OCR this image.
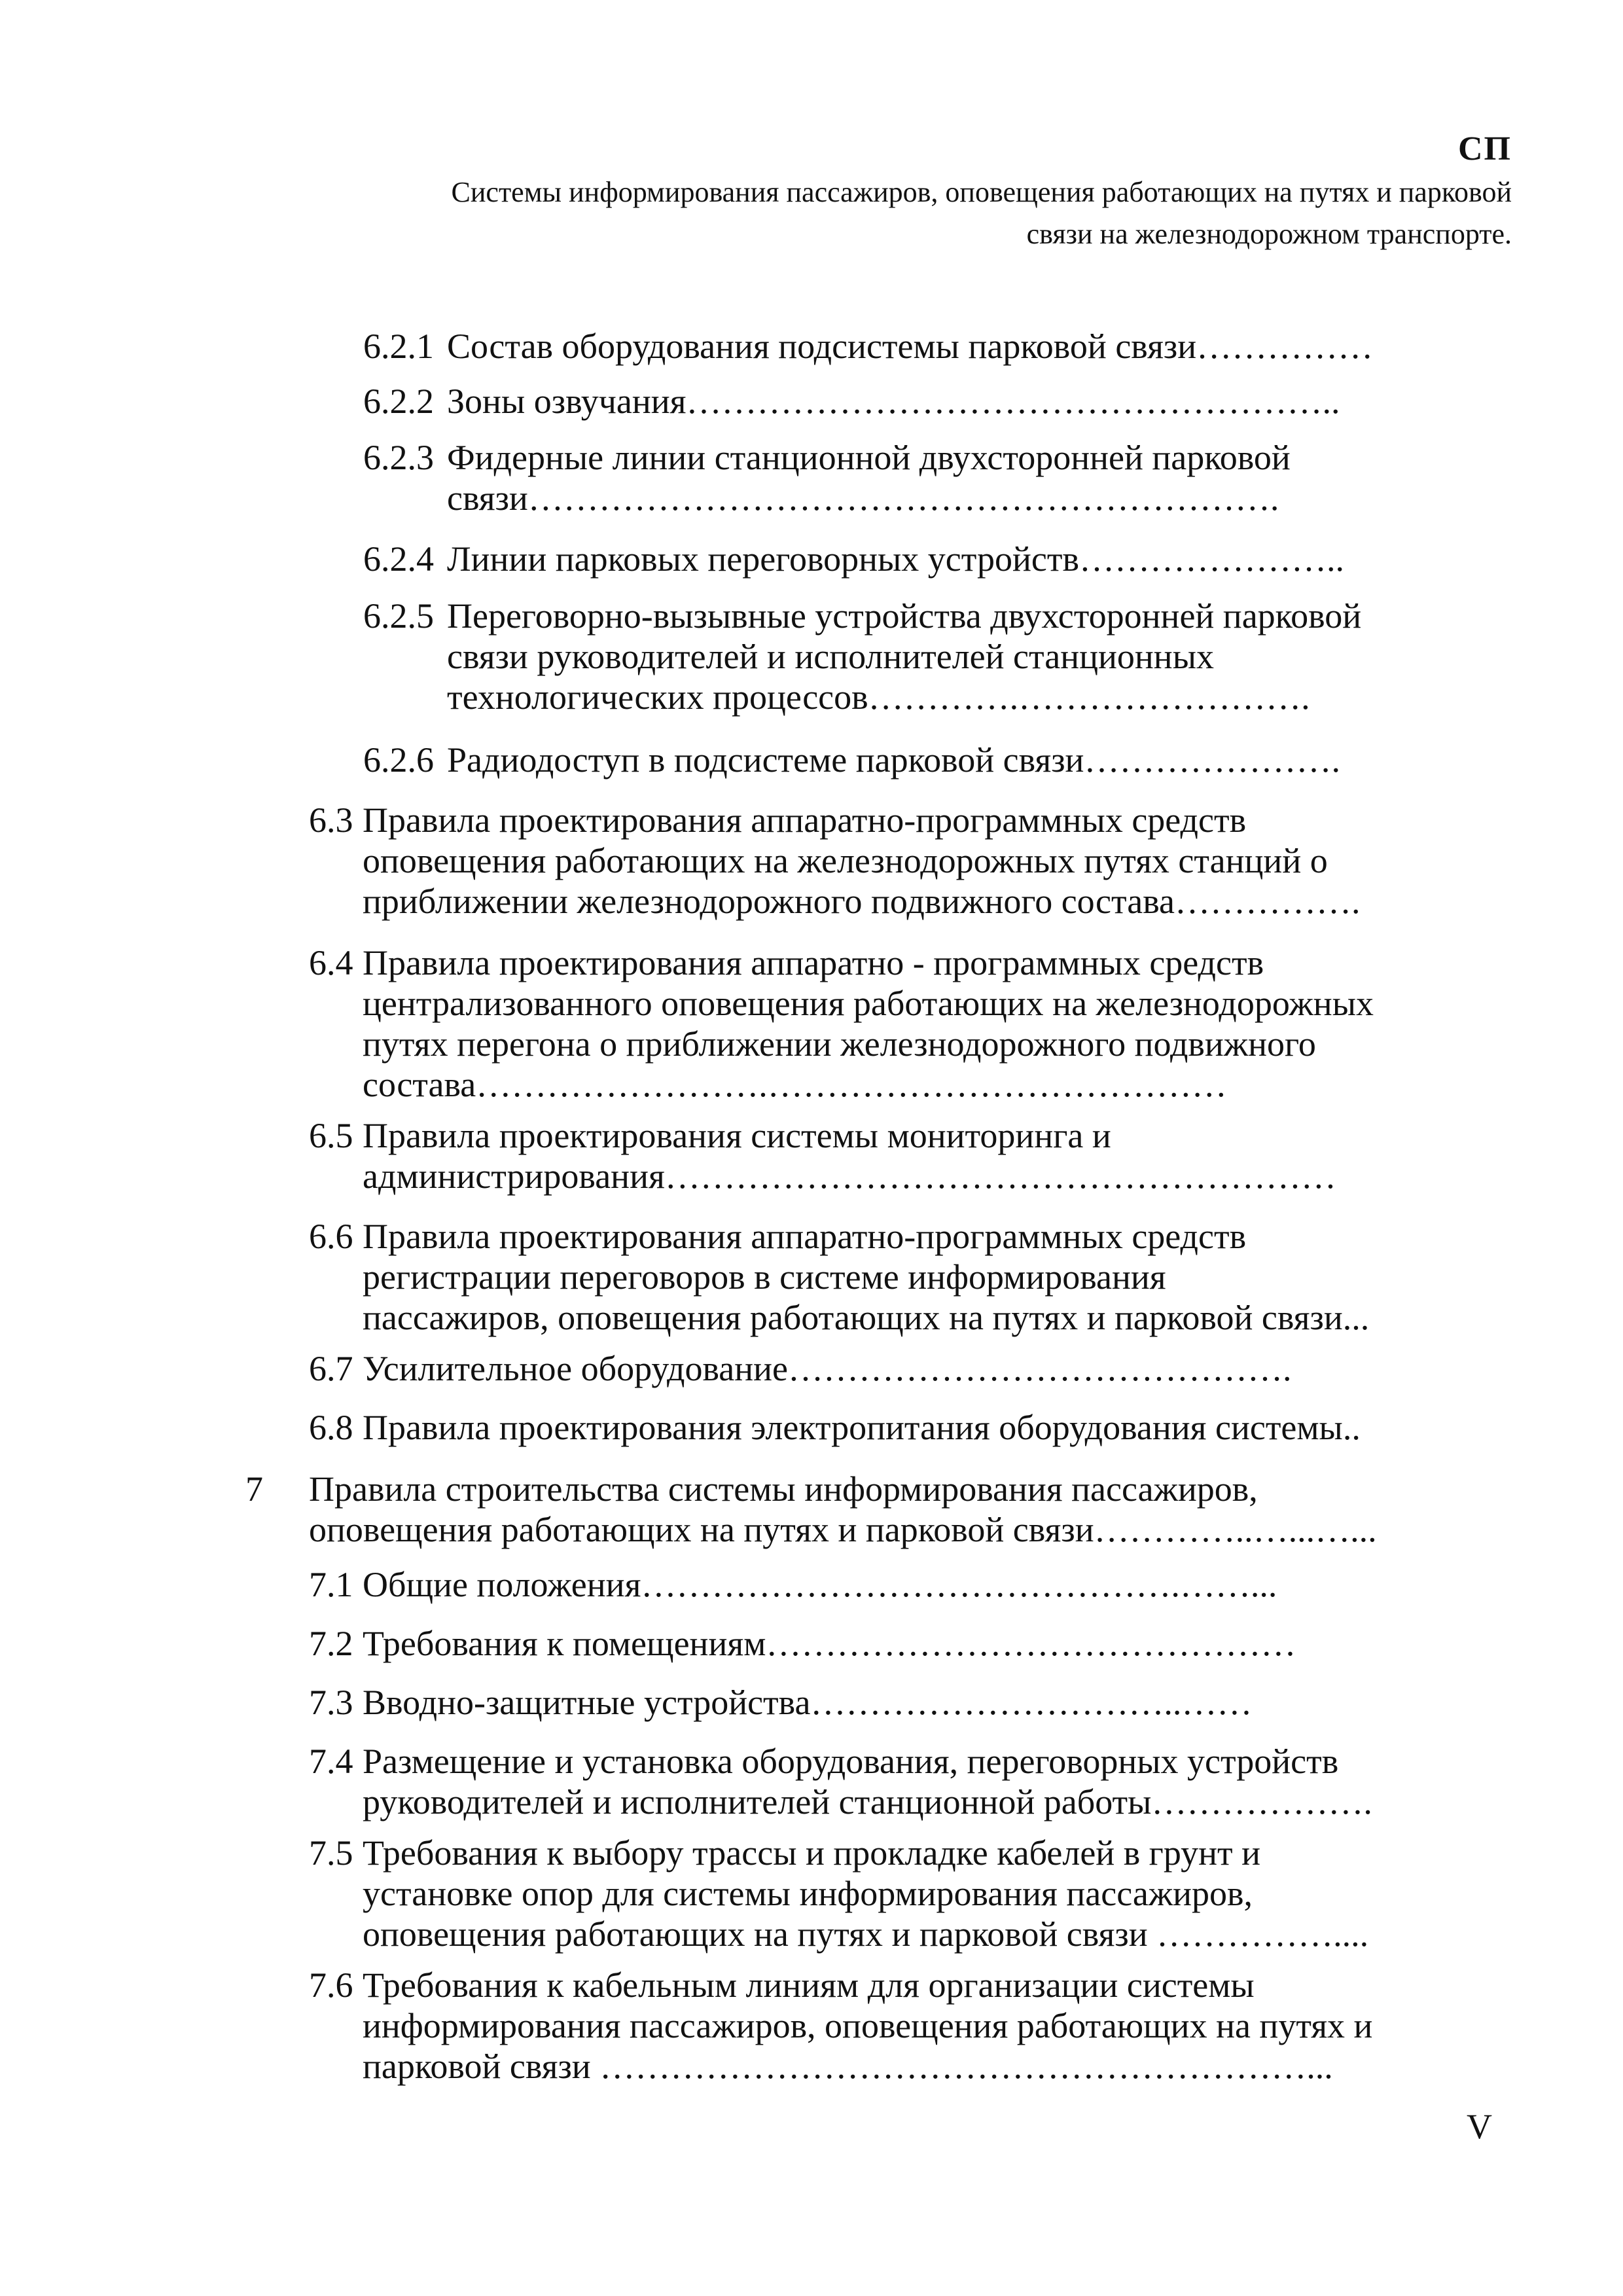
СП
Системы информирования пассажиров, оповещения работающих на путях и парковой
связи на железнодорожном транспорте.
6.2.1 Состав оборудования подсистемы парковой связи……………
6.2.2 Зоны озвучания………………………………………………..
6.2.3 Фидерные линии станционной двухсторонней парковой
связи……………………………………………………….
6.2.4 Линии парковых переговорных устройств…………………..
6.2.5 Переговорно-вызывные устройства двухсторонней парковой
связи руководителей и исполнителей станционных
технологических процессов………….…………………….
6.2.6 Радиодоступ в подсистеме парковой связи………………….
6.3 Правила проектирования аппаратно-программных средств
оповещения работающих на железнодорожных путях станций о
приближении железнодорожного подвижного состава…………….
6.4 Правила проектирования аппаратно - программных средств
централизованного оповещения работающих на железнодорожных
путях перегона о приближении железнодорожного подвижного
состава…………………….…………………………………
6.5 Правила проектирования системы мониторинга и
администрирования…………………………………………………
6.6 Правила проектирования аппаратно-программных средств
регистрации переговоров в системе информирования
пассажиров, оповещения работающих на путях и парковой связи...
6.7 Усилительное оборудование…………………………………….
6.8 Правила проектирования электропитания оборудования системы..
7 Правила строительства системы информирования пассажиров,
оповещения работающих на путях и парковой связи…………..…...…...
7.1 Общие положения……………………………………….……...
7.2 Требования к помещениям………………………………………
7.3 Вводно-защитные устройства…………………………..……
7.4 Размещение и установка оборудования, переговорных устройств
руководителей и исполнителей станционной работы……………….
7.5 Требования к выбору трассы и прокладке кабелей в грунт и
установке опор для системы информирования пассажиров,
оповещения работающих на путях и парковой связи ……………....
7.6 Требования к кабельным линиям для организации системы
информирования пассажиров, оповещения работающих на путях и
парковой связи ……………………………………………………...
V
